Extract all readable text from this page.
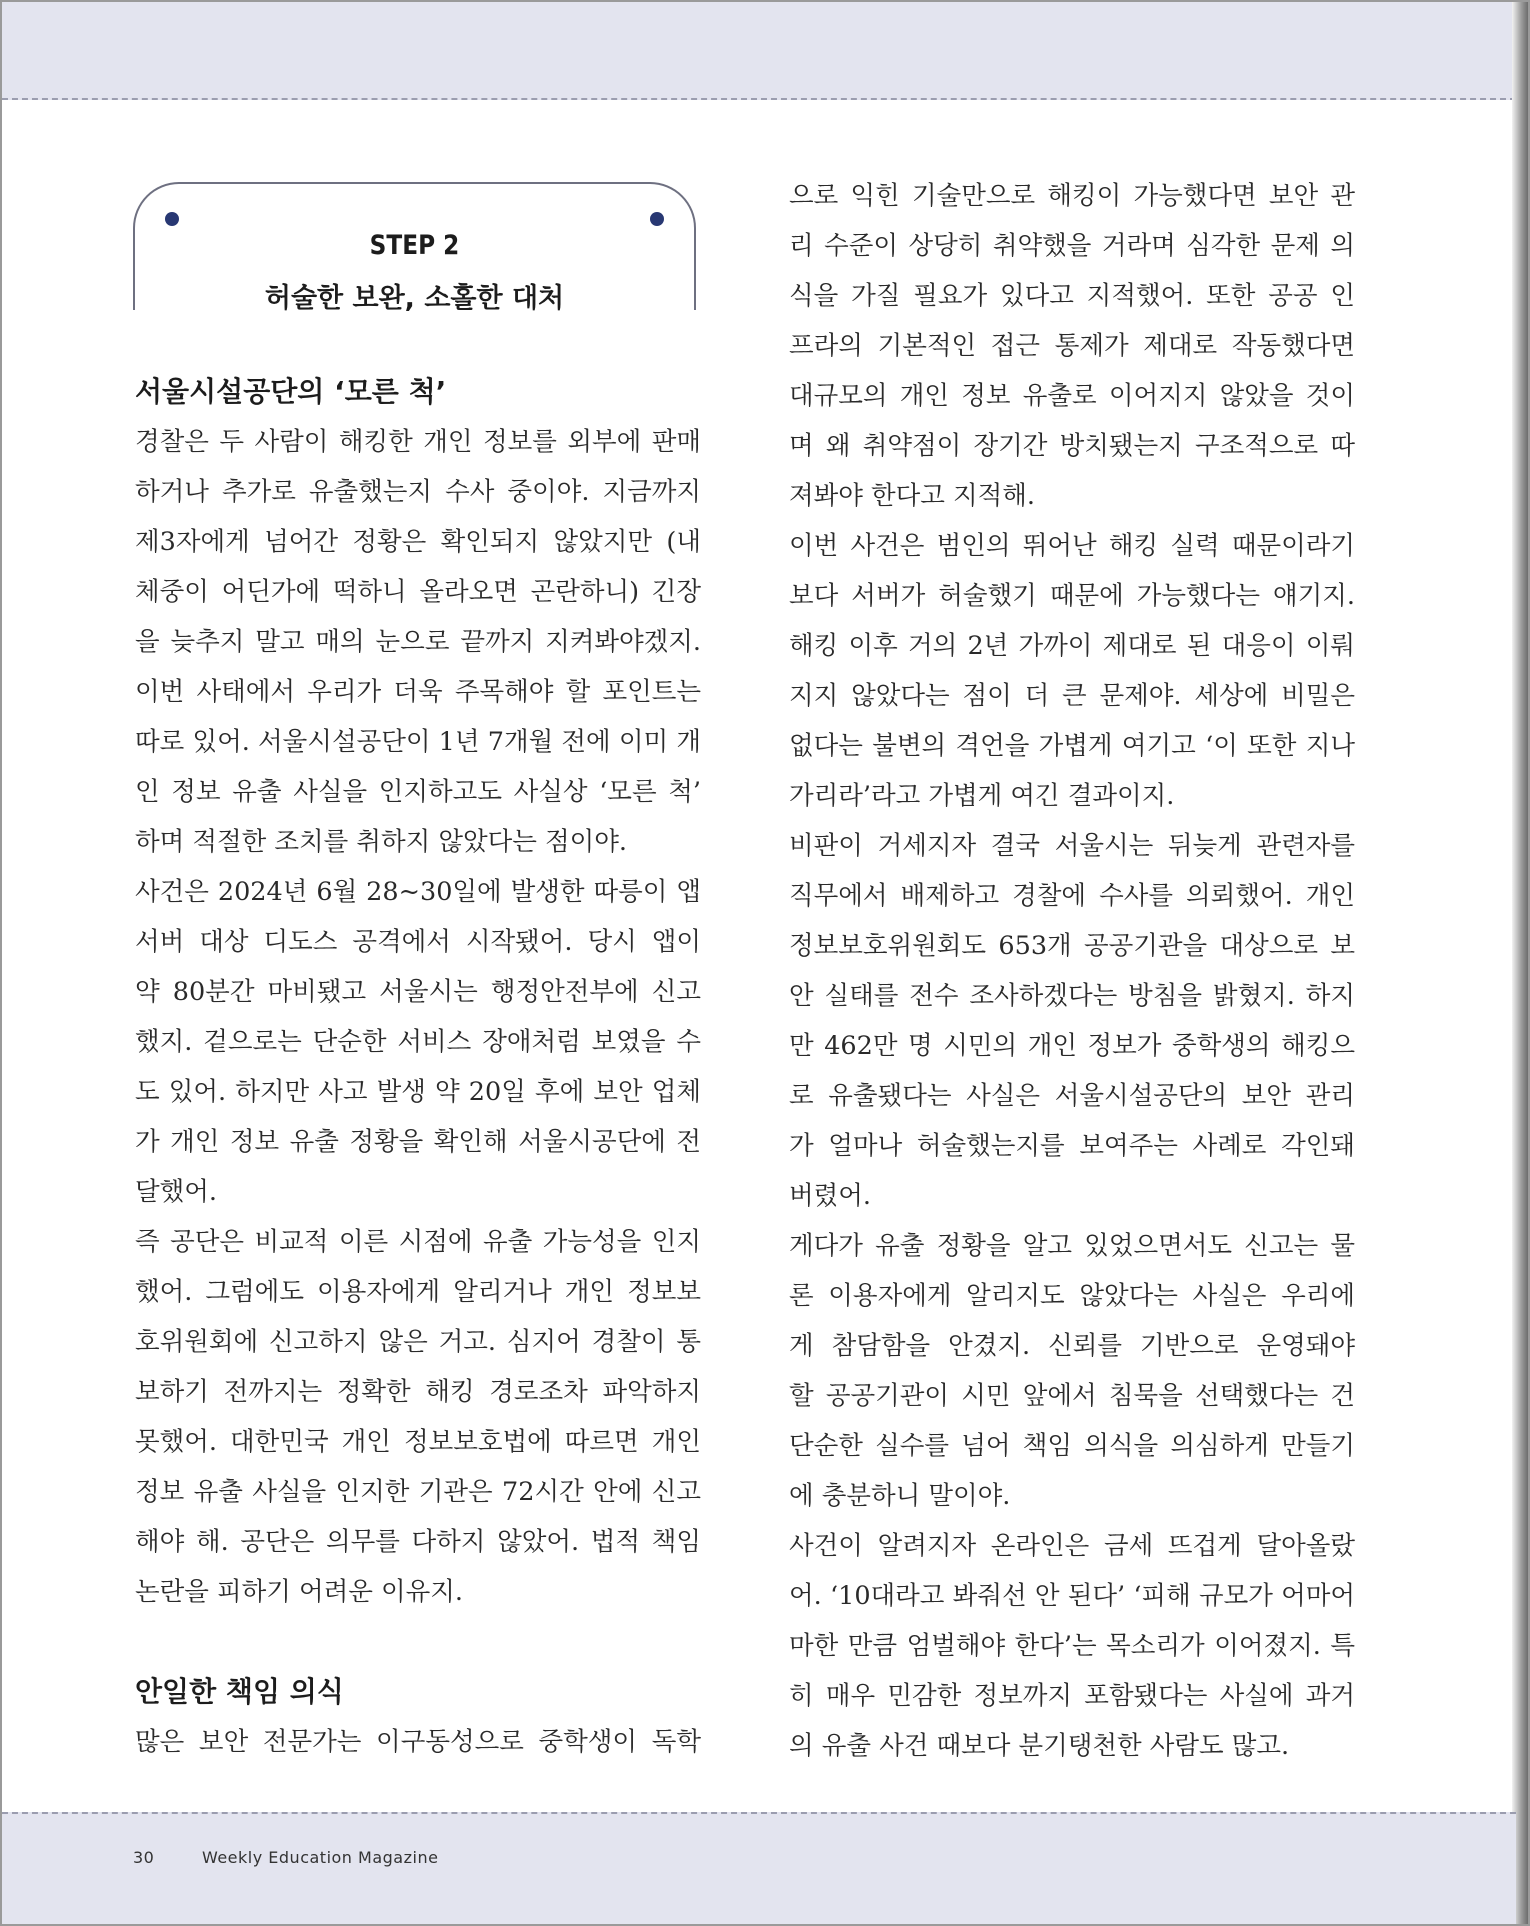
STEP 2
허술한 보완, 소홀한 대처
서울시설공단의 ‘모른 척’
경찰은 두 사람이 해킹한 개인 정보를 외부에 판매
하거나 추가로 유출했는지 수사 중이야. 지금까지
제3자에게 넘어간 정황은 확인되지 않았지만 (내
체중이 어딘가에 떡하니 올라오면 곤란하니) 긴장
을 늦추지 말고 매의 눈으로 끝까지 지켜봐야겠지.
이번 사태에서 우리가 더욱 주목해야 할 포인트는
따로 있어. 서울시설공단이 1년 7개월 전에 이미 개
인 정보 유출 사실을 인지하고도 사실상 ‘모른 척’
하며 적절한 조치를 취하지 않았다는 점이야.
사건은 2024년 6월 28~30일에 발생한 따릉이 앱
서버 대상 디도스 공격에서 시작됐어. 당시 앱이
약 80분간 마비됐고 서울시는 행정안전부에 신고
했지. 겉으로는 단순한 서비스 장애처럼 보였을 수
도 있어. 하지만 사고 발생 약 20일 후에 보안 업체
가 개인 정보 유출 정황을 확인해 서울시공단에 전
달했어.
즉 공단은 비교적 이른 시점에 유출 가능성을 인지
했어. 그럼에도 이용자에게 알리거나 개인 정보보
호위원회에 신고하지 않은 거고. 심지어 경찰이 통
보하기 전까지는 정확한 해킹 경로조차 파악하지
못했어. 대한민국 개인 정보보호법에 따르면 개인
정보 유출 사실을 인지한 기관은 72시간 안에 신고
해야 해. 공단은 의무를 다하지 않았어. 법적 책임
논란을 피하기 어려운 이유지.
안일한 책임 의식
많은 보안 전문가는 이구동성으로 중학생이 독학
으로 익힌 기술만으로 해킹이 가능했다면 보안 관
리 수준이 상당히 취약했을 거라며 심각한 문제 의
식을 가질 필요가 있다고 지적했어. 또한 공공 인
프라의 기본적인 접근 통제가 제대로 작동했다면
대규모의 개인 정보 유출로 이어지지 않았을 것이
며 왜 취약점이 장기간 방치됐는지 구조적으로 따
져봐야 한다고 지적해.
이번 사건은 범인의 뛰어난 해킹 실력 때문이라기
보다 서버가 허술했기 때문에 가능했다는 얘기지.
해킹 이후 거의 2년 가까이 제대로 된 대응이 이뤄
지지 않았다는 점이 더 큰 문제야. 세상에 비밀은
없다는 불변의 격언을 가볍게 여기고 ‘이 또한 지나
가리라’라고 가볍게 여긴 결과이지.
비판이 거세지자 결국 서울시는 뒤늦게 관련자를
직무에서 배제하고 경찰에 수사를 의뢰했어. 개인
정보보호위원회도 653개 공공기관을 대상으로 보
안 실태를 전수 조사하겠다는 방침을 밝혔지. 하지
만 462만 명 시민의 개인 정보가 중학생의 해킹으
로 유출됐다는 사실은 서울시설공단의 보안 관리
가 얼마나 허술했는지를 보여주는 사례로 각인돼
버렸어.
게다가 유출 정황을 알고 있었으면서도 신고는 물
론 이용자에게 알리지도 않았다는 사실은 우리에
게 참담함을 안겼지. 신뢰를 기반으로 운영돼야
할 공공기관이 시민 앞에서 침묵을 선택했다는 건
단순한 실수를 넘어 책임 의식을 의심하게 만들기
에 충분하니 말이야.
사건이 알려지자 온라인은 금세 뜨겁게 달아올랐
어. ‘10대라고 봐줘선 안 된다’ ‘피해 규모가 어마어
마한 만큼 엄벌해야 한다’는 목소리가 이어졌지. 특
히 매우 민감한 정보까지 포함됐다는 사실에 과거
의 유출 사건 때보다 분기탱천한 사람도 많고.
30	Weekly Education Magazine
